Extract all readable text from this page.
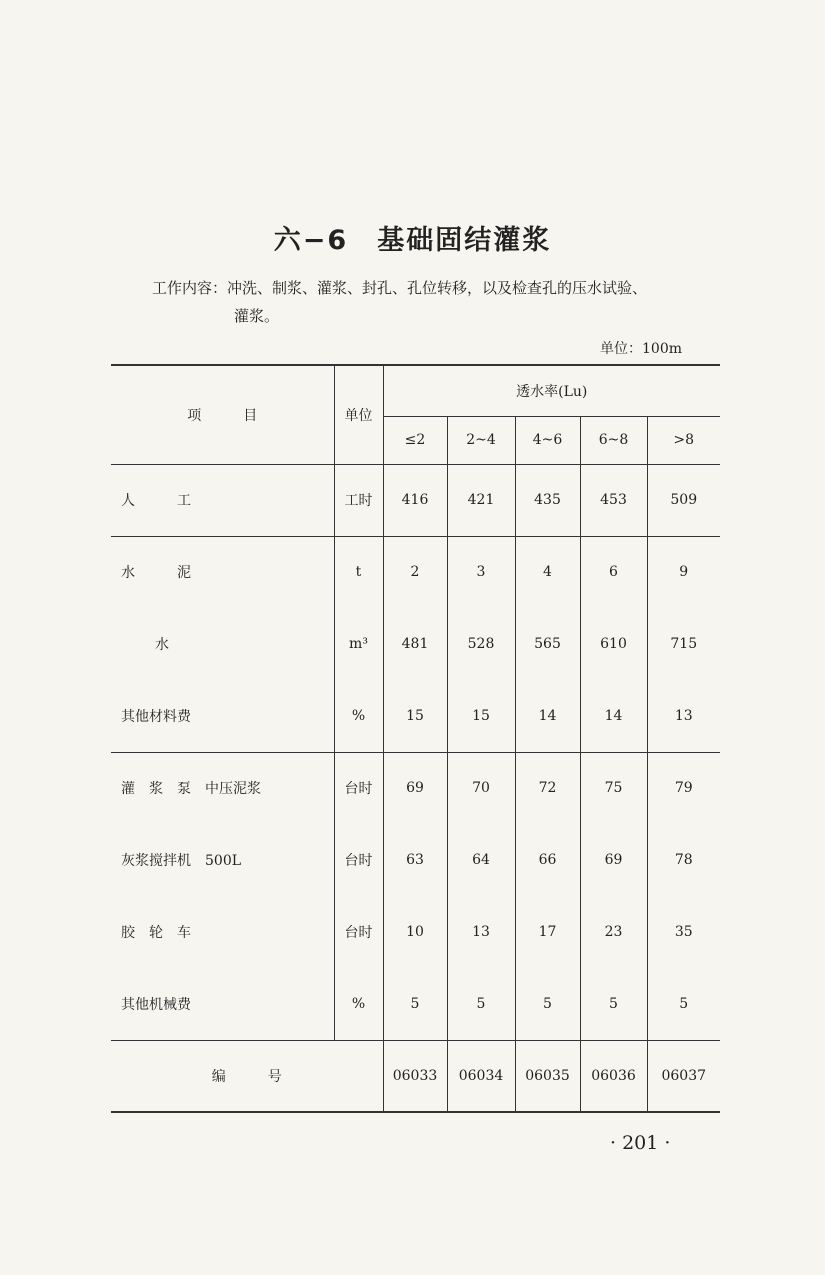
六−6　基础固结灌浆
工作内容：冲洗、制浆、灌浆、封孔、孔位转移，以及检查孔的压水试验、
灌浆。
单位：100m
项　　　目	单位	透水率(Lu)				
		≤2	2~4	4~6	6~8	>8
人　　　工	工时	416	421	435	453	509
水　　　泥	t	2	3	4	6	9
水	m³	481	528	565	610	715
其他材料费	%	15	15	14	14	13
灌　浆　泵　中压泥浆	台时	69	70	72	75	79
灰浆搅拌机　500L	台时	63	64	66	69	78
胶　轮　车	台时	10	13	17	23	35
其他机械费	%	5	5	5	5	5
编　　　号		06033	06034	06035	06036	06037
· 201 ·
